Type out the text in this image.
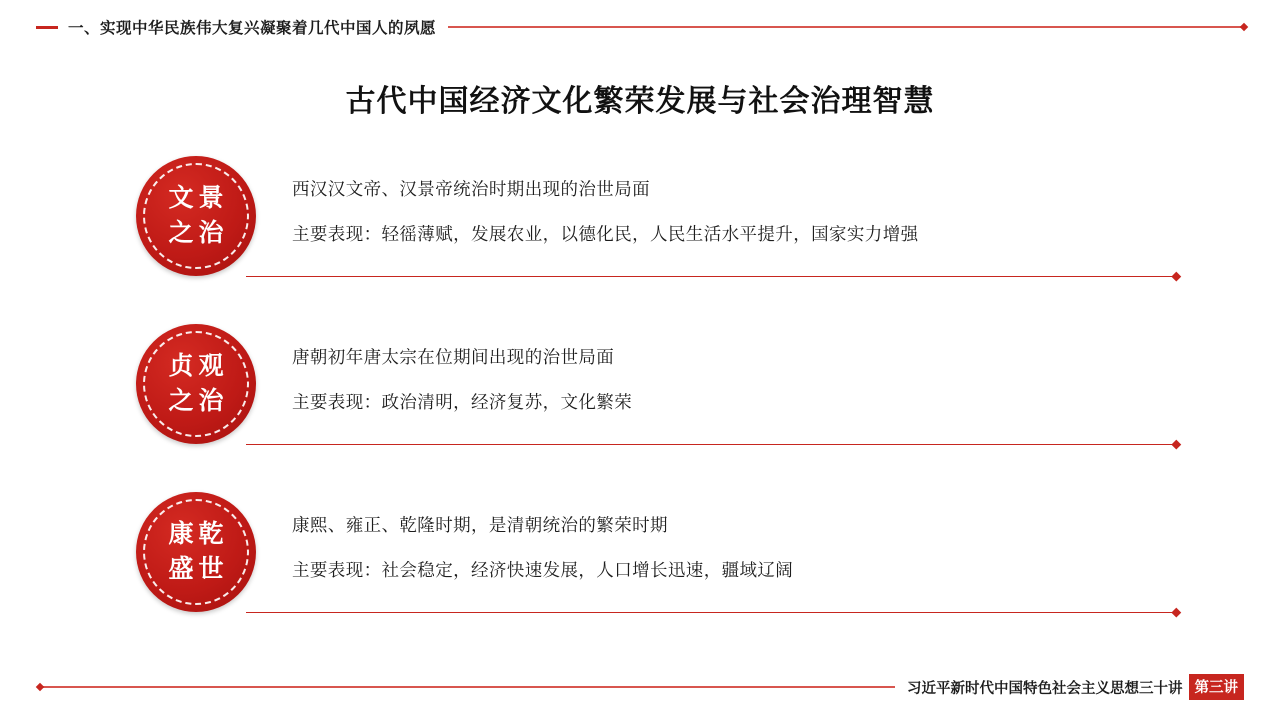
一、实现中华民族伟大复兴凝聚着几代中国人的夙愿
古代中国经济文化繁荣发展与社会治理智慧
文景
之治
西汉汉文帝、汉景帝统治时期出现的治世局面
主要表现：轻徭薄赋，发展农业，以德化民，人民生活水平提升，国家实力增强
贞观
之治
唐朝初年唐太宗在位期间出现的治世局面
主要表现：政治清明，经济复苏，文化繁荣
康乾
盛世
康熙、雍正、乾隆时期，是清朝统治的繁荣时期
主要表现：社会稳定，经济快速发展，人口增长迅速，疆域辽阔
习近平新时代中国特色社会主义思想三十讲 第三讲
